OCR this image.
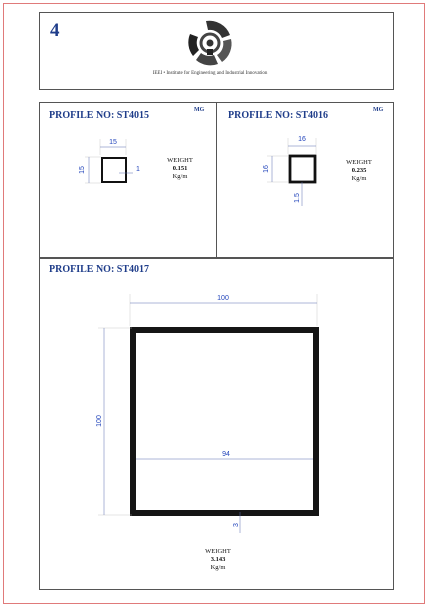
4
IEEI • Institute for Engineering and Industrial Innovation
PROFILE NO: ST4015	MG
15
15	1
WEIGHT
0.151
Kg/m
PROFILE NO: ST4016	MG
16
16
1.5
WEIGHT
0.235
Kg/m
PROFILE NO: ST4017
100
100
94
3
WEIGHT
3.143
Kg/m
